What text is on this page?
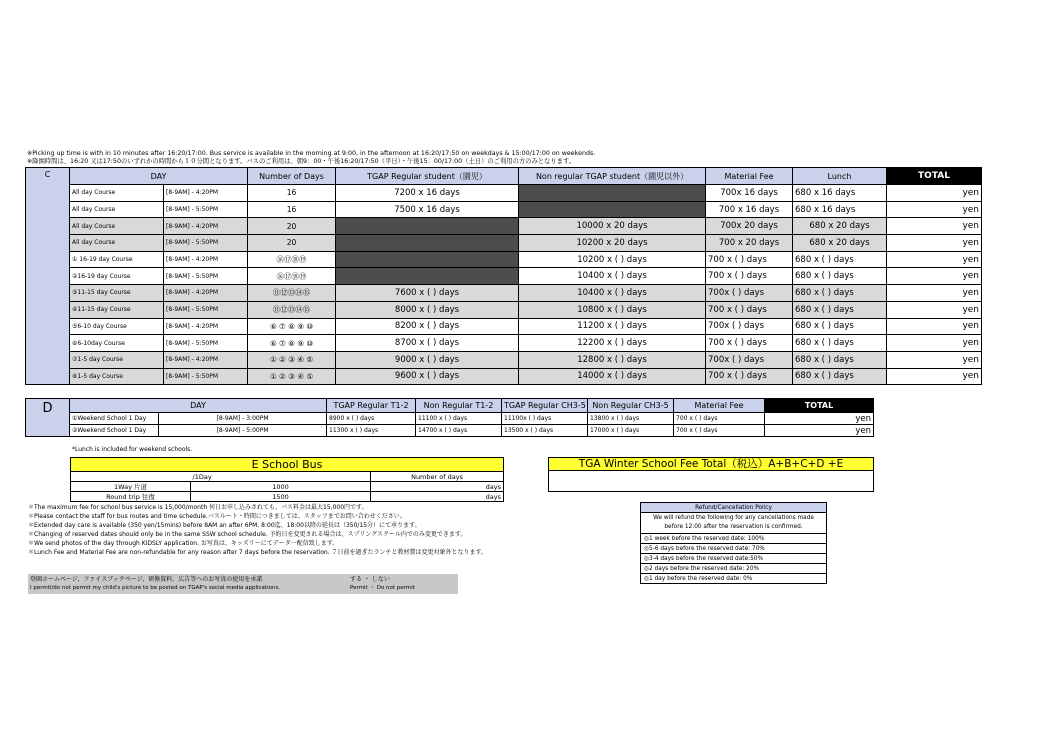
※Picking up time is with in 10 minutes after 16:20/17:00. Bus service is available in the morning at 9:00, in the afternoon at 16:20/17:50 on weekdays & 15:00/17:00 on weekends.
※降園時間は、16:20 又は17:50のいずれかの時間から１０分間となります。バスのご利用は、朝9：00・午後16:20/17:50（平日）・午後15：00/17:00（土日）のご利用の方のみとなります。
C	DAY		Number of Days	TGAP Regular student（園児）	Non regular TGAP student（園児以外）	Material Fee	Lunch	TOTAL
	All day Course	[8-9AM] - 4:20PM	16	7200 x 16 days		700x 16 days	680 x 16 days	yen
	All day Course	[8-9AM] - 5:50PM	16	7500 x 16 days		700 x 16 days	680 x 16 days	yen
	All day Course	[8-9AM] - 4:20PM	20		10000 x 20 days	700x 20 days	680 x 20 days	yen
	All day Course	[8-9AM] - 5:50PM	20		10200 x 20 days	700 x 20 days	680 x 20 days	yen
	① 16-19 day Course	[8-9AM] - 4:20PM	⑯⑰⑱⑲		10200 x ( ) days	700 x ( ) days	680 x ( ) days	yen
	②16-19 day Course	[8-9AM] - 5:50PM	⑯⑰⑱⑲		10400 x ( ) days	700 x ( ) days	680 x ( ) days	yen
	③11-15 day Course	[8-9AM] - 4:20PM	⑪⑫⑬⑭⑮	7600 x ( ) days	10400 x ( ) days	700x ( ) days	680 x ( ) days	yen
	④11-15 day Course	[8-9AM] - 5:50PM	⑪⑫⑬⑭⑮	8000 x ( ) days	10800 x ( ) days	700 x ( ) days	680 x ( ) days	yen
	⑤6-10 day Course	[8-9AM] - 4:20PM	⑥ ⑦ ⑧ ⑨ ⑩	8200 x ( ) days	11200 x ( ) days	700x ( ) days	680 x ( ) days	yen
	⑥6-10day Course	[8-9AM] - 5:50PM	⑥ ⑦ ⑧ ⑨ ⑩	8700 x ( ) days	12200 x ( ) days	700 x ( ) days	680 x ( ) days	yen
	⑦1-5 day Course	[8-9AM] - 4:20PM	① ② ③ ④ ⑤	9000 x ( ) days	12800 x ( ) days	700x ( ) days	680 x ( ) days	yen
	⑧1-5 day Course	[8-9AM] - 5:50PM	① ② ③ ④ ⑤	9600 x ( ) days	14000 x ( ) days	700 x ( ) days	680 x ( ) days	yen
D	DAY		TGAP Regular T1-2	Non Regular T1-2	TGAP Regular CH3-5	Non Regular CH3-5	Material Fee	TOTAL
	①Weekend School 1 Day	[8-9AM] - 3:00PM	8900 x ( ) days	11100 x ( ) days	11100x ( ) days	13800 x ( ) days	700 x ( ) days	yen
	②Weekend School 1 Day	[8-9AM] - 5:00PM	11300 x ( ) days	14700 x ( ) days	13500 x ( ) days	17000 x ( ) days	700 x ( ) days	yen
*Lunch is included for weekend schools.
E School Bus		
	/1Day	Number of days
1Way 片道	1000	days
Round trip 往復	1500	days
TGA Winter School Fee Total（税込）A+B+C+D +E
＊The maximum fee for school bus service is 15,000/month 何日お申し込みされても、バス料金は最大15,000円です。
＊Please contact the staff for bus routes and time schedule.バスルート・時間につきましては、スタッフまでお問い合わせください。
＊Extended day care is available (350 yen/15mins) before 8AM an after 6PM. 8:00迄、18:00以降の延長は（350/15分）にて承ります。
＊Changing of reserved dates should only be in the same SSW school schedule. 予約日を変更される場合は、スプリングスクール内でのみ変更できます。
＊We send photos of the day through KIDSLY application. お写真は、キッズリーにてデータ一配信致します。
＊Lunch Fee and Material Fee are non-refundable for any reason after 7 days before the reservation. ７日前を過ぎたランチと教材費は変更対象外となります。
登園ホームページ、ファイスブックページ、研修資料、広告等へのお写真の使用を承諾	する ・ しない
I permit/do not permit my child's picture to be posted on TGAP's social media applications.	Permit ・ Do not permit
Refund/Cancellation Policy

We will refund the following for any cancellations made
before 12:00 after the reservation is confirmed.

◎1 week before the reserved date: 100%
◎5-6 days before the reserved date: 70%
◎3-4 days before the reserved date:50%
◎2 days before the reserved date: 20%
◎1 day before the reserved date: 0%
